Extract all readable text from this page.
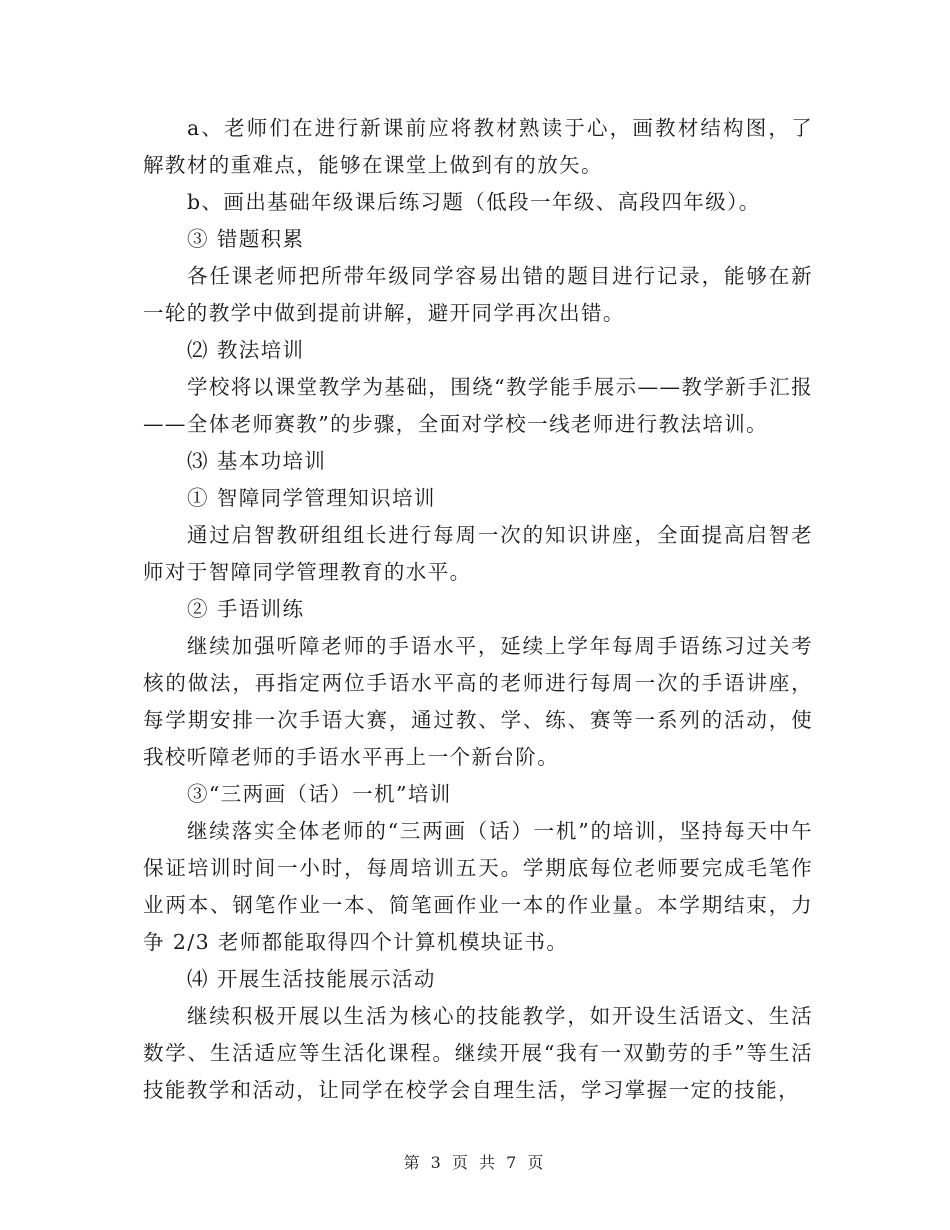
a、老师们在进行新课前应将教材熟读于心，画教材结构图，了解教材的重难点，能够在课堂上做到有的放矢。

b、画出基础年级课后练习题（低段一年级、高段四年级）。

③ 错题积累

各任课老师把所带年级同学容易出错的题目进行记录，能够在新一轮的教学中做到提前讲解，避开同学再次出错。

⑵ 教法培训

学校将以课堂教学为基础，围绕“教学能手展示——教学新手汇报——全体老师赛教”的步骤，全面对学校一线老师进行教法培训。

⑶ 基本功培训

① 智障同学管理知识培训

通过启智教研组组长进行每周一次的知识讲座，全面提高启智老师对于智障同学管理教育的水平。

② 手语训练

继续加强听障老师的手语水平，延续上学年每周手语练习过关考核的做法，再指定两位手语水平高的老师进行每周一次的手语讲座，每学期安排一次手语大赛，通过教、学、练、赛等一系列的活动，使我校听障老师的手语水平再上一个新台阶。

③“三两画（话）一机”培训

继续落实全体老师的“三两画（话）一机”的培训，坚持每天中午保证培训时间一小时，每周培训五天。学期底每位老师要完成毛笔作业两本、钢笔作业一本、简笔画作业一本的作业量。本学期结束，力争 2/3 老师都能取得四个计算机模块证书。

⑷ 开展生活技能展示活动

继续积极开展以生活为核心的技能教学，如开设生活语文、生活数学、生活适应等生活化课程。继续开展“我有一双勤劳的手”等生活技能教学和活动，让同学在校学会自理生活，学习掌握一定的技能，

第 3 页 共 7 页
